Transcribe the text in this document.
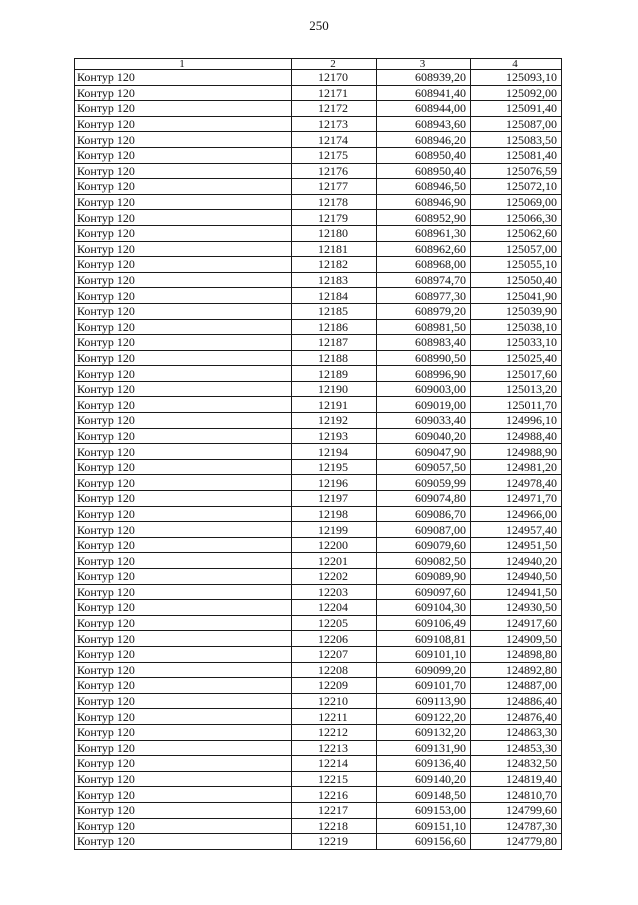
250
1	2	3	4
Контур 120	12170	608939,20	125093,10
Контур 120	12171	608941,40	125092,00
Контур 120	12172	608944,00	125091,40
Контур 120	12173	608943,60	125087,00
Контур 120	12174	608946,20	125083,50
Контур 120	12175	608950,40	125081,40
Контур 120	12176	608950,40	125076,59
Контур 120	12177	608946,50	125072,10
Контур 120	12178	608946,90	125069,00
Контур 120	12179	608952,90	125066,30
Контур 120	12180	608961,30	125062,60
Контур 120	12181	608962,60	125057,00
Контур 120	12182	608968,00	125055,10
Контур 120	12183	608974,70	125050,40
Контур 120	12184	608977,30	125041,90
Контур 120	12185	608979,20	125039,90
Контур 120	12186	608981,50	125038,10
Контур 120	12187	608983,40	125033,10
Контур 120	12188	608990,50	125025,40
Контур 120	12189	608996,90	125017,60
Контур 120	12190	609003,00	125013,20
Контур 120	12191	609019,00	125011,70
Контур 120	12192	609033,40	124996,10
Контур 120	12193	609040,20	124988,40
Контур 120	12194	609047,90	124988,90
Контур 120	12195	609057,50	124981,20
Контур 120	12196	609059,99	124978,40
Контур 120	12197	609074,80	124971,70
Контур 120	12198	609086,70	124966,00
Контур 120	12199	609087,00	124957,40
Контур 120	12200	609079,60	124951,50
Контур 120	12201	609082,50	124940,20
Контур 120	12202	609089,90	124940,50
Контур 120	12203	609097,60	124941,50
Контур 120	12204	609104,30	124930,50
Контур 120	12205	609106,49	124917,60
Контур 120	12206	609108,81	124909,50
Контур 120	12207	609101,10	124898,80
Контур 120	12208	609099,20	124892,80
Контур 120	12209	609101,70	124887,00
Контур 120	12210	609113,90	124886,40
Контур 120	12211	609122,20	124876,40
Контур 120	12212	609132,20	124863,30
Контур 120	12213	609131,90	124853,30
Контур 120	12214	609136,40	124832,50
Контур 120	12215	609140,20	124819,40
Контур 120	12216	609148,50	124810,70
Контур 120	12217	609153,00	124799,60
Контур 120	12218	609151,10	124787,30
Контур 120	12219	609156,60	124779,80
